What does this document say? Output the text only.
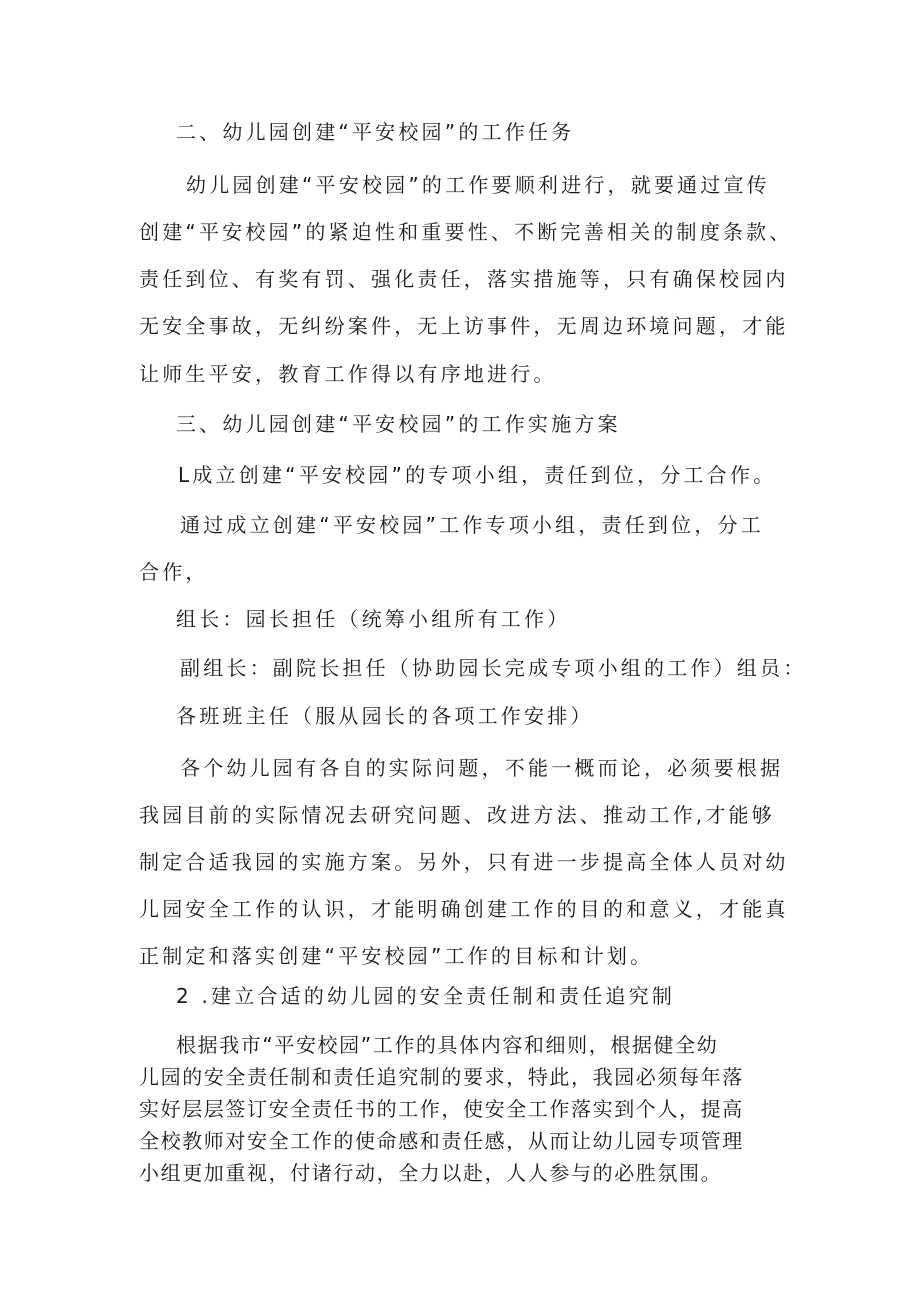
二、幼儿园创建“平安校园”的工作任务

幼儿园创建“平安校园”的工作要顺利进行，就要通过宣传

创建“平安校园”的紧迫性和重要性、不断完善相关的制度条款、

责任到位、有奖有罚、强化责任，落实措施等，只有确保校园内

无安全事故，无纠纷案件，无上访事件，无周边环境问题，才能

让师生平安，教育工作得以有序地进行。

三、幼儿园创建“平安校园”的工作实施方案

L成立创建“平安校园”的专项小组，责任到位，分工合作。

通过成立创建“平安校园”工作专项小组，责任到位，分工

合作，

组长：园长担任（统筹小组所有工作）

副组长：副院长担任（协助园长完成专项小组的工作）组员：

各班班主任（服从园长的各项工作安排）

各个幼儿园有各自的实际问题，不能一概而论，必须要根据

我园目前的实际情况去研究问题、改进方法、推动工作,才能够

制定合适我园的实施方案。另外，只有进一步提高全体人员对幼

儿园安全工作的认识，才能明确创建工作的目的和意义，才能真

正制定和落实创建“平安校园”工作的目标和计划。

2 .建立合适的幼儿园的安全责任制和责任追究制

根据我市“平安校园”工作的具体内容和细则，根据健全幼

儿园的安全责任制和责任追究制的要求，特此，我园必须每年落

实好层层签订安全责任书的工作，使安全工作落实到个人，提高

全校教师对安全工作的使命感和责任感，从而让幼儿园专项管理

小组更加重视，付诸行动，全力以赴，人人参与的必胜氛围。
